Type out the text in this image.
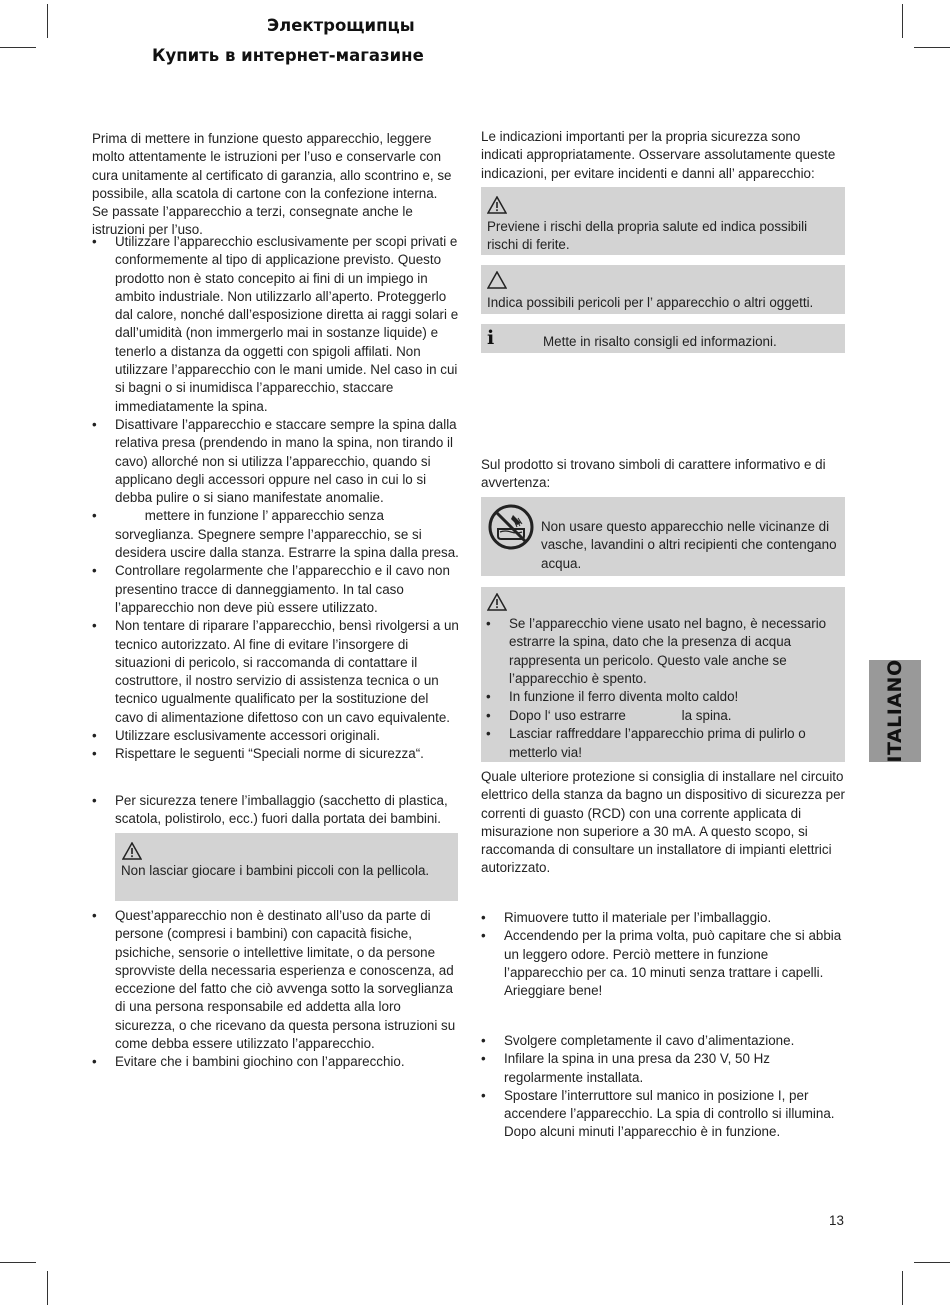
Электрощипцы
Купить в интернет-магазине

Prima di mettere in funzione questo apparecchio, leggere molto attentamente le istruzioni per l’uso e conservarle con cura unitamente al certificato di garanzia, allo scontrino e, se possibile, alla scatola di cartone con la confezione interna. Se passate l’apparecchio a terzi, consegnate anche le istruzioni per l’uso.

• Utilizzare l’apparecchio esclusivamente per scopi privati e conformemente al tipo di applicazione previsto. Questo prodotto non è stato concepito ai fini di un impiego in ambito industriale. Non utilizzarlo all’aperto. Proteggerlo dal calore, nonché dall’esposizione diretta ai raggi solari e dall’umidità (non immergerlo mai in sostanze liquide) e tenerlo a distanza da oggetti con spigoli affilati. Non utilizzare l’apparecchio con le mani umide. Nel caso in cui si bagni o si inumidisca l’apparecchio, staccare immediatamente la spina.
• Disattivare l’apparecchio e staccare sempre la spina dalla relativa presa (prendendo in mano la spina, non tirando il cavo) allorché non si utilizza l’apparecchio, quando si applicano degli accessori oppure nel caso in cui lo si debba pulire o si siano manifestate anomalie.
•         mettere in funzione l’ apparecchio senza sorveglianza. Spegnere sempre l’apparecchio, se si desidera uscire dalla stanza. Estrarre la spina dalla presa.
• Controllare regolarmente che l’apparecchio e il cavo non presentino tracce di danneggiamento. In tal caso l’apparecchio non deve più essere utilizzato.
• Non tentare di riparare l’apparecchio, bensì rivolgersi a un tecnico autorizzato. Al fine di evitare l’insorgere di situazioni di pericolo, si raccomanda di contattare il costruttore, il nostro servizio di assistenza tecnica o un tecnico ugualmente qualificato per la sostituzione del cavo di alimentazione difettoso con un cavo equivalente.
• Utilizzare esclusivamente accessori originali.
• Rispettare le seguenti “Speciali norme di sicurezza“.
• Per sicurezza tenere l’imballaggio (sacchetto di plastica, scatola, polistirolo, ecc.) fuori dalla portata dei bambini.
Non lasciar giocare i bambini piccoli con la pellicola.
• Quest’apparecchio non è destinato all’uso da parte di persone (compresi i bambini) con capacità fisiche, psichiche, sensorie o intellettive limitate, o da persone sprovviste della necessaria esperienza e conoscenza, ad eccezione del fatto che ciò avvenga sotto la sorveglianza di una persona responsabile ed addetta alla loro sicurezza, o che ricevano da questa persona istruzioni su come debba essere utilizzato l’apparecchio.
• Evitare che i bambini giochino con l’apparecchio.

Le indicazioni importanti per la propria sicurezza sono indicati appropriatamente. Osservare assolutamente queste indicazioni, per evitare incidenti e danni all’ apparecchio:

Previene i rischi della propria salute ed indica possibili rischi di ferite.
Indica possibili pericoli per l’ apparecchio o altri oggetti.
i	Mette in risalto consigli ed informazioni.

Sul prodotto si trovano simboli di carattere informativo e di avvertenza:

Non usare questo apparecchio nelle vicinanze di vasche, lavandini o altri recipienti che contengano acqua.
• Se l’apparecchio viene usato nel bagno, è necessario estrarre la spina, dato che la presenza di acqua rappresenta un pericolo. Questo vale anche se l’apparecchio è spento.
• In funzione il ferro diventa molto caldo!
• Dopo l‘ uso estrarre               la spina.
• Lasciar raffreddare l’apparecchio prima di pulirlo o metterlo via!

Quale ulteriore protezione si consiglia di installare nel circuito elettrico della stanza da bagno un dispositivo di sicurezza per correnti di guasto (RCD) con una corrente applicata di misurazione non superiore a 30 mA. A questo scopo, si raccomanda di consultare un installatore di impianti elettrici autorizzato.

• Rimuovere tutto il materiale per l’imballaggio.
• Accendendo per la prima volta, può capitare che si abbia un leggero odore. Perciò mettere in funzione l’apparecchio per ca. 10 minuti senza trattare i capelli. Arieggiare bene!
• Svolgere completamente il cavo d’alimentazione.
• Infilare la spina in una presa da 230 V, 50 Hz regolarmente installata.
• Spostare l’interruttore sul manico in posizione I, per accendere l’apparecchio. La spia di controllo si illumina. Dopo alcuni minuti l’apparecchio è in funzione.
ITALIANO
13
